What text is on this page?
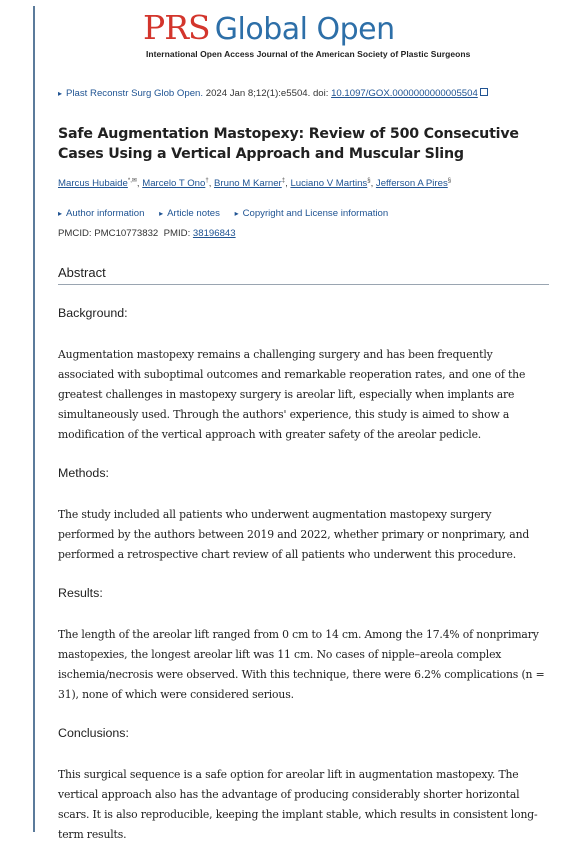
PRS Global Open
International Open Access Journal of the American Society of Plastic Surgeons
▸ Plast Reconstr Surg Glob Open. 2024 Jan 8;12(1):e5504. doi: 10.1097/GOX.0000000000005504
Safe Augmentation Mastopexy: Review of 500 Consecutive Cases Using a Vertical Approach and Muscular Sling
Marcus Hubaide*,✉, Marcelo T Ono†, Bruno M Karner‡, Luciano V Martins§, Jefferson A Pires§
▸ Author information ▸ Article notes ▸ Copyright and License information
PMCID: PMC10773832 PMID: 38196843
Abstract
Background:
Augmentation mastopexy remains a challenging surgery and has been frequently associated with suboptimal outcomes and remarkable reoperation rates, and one of the greatest challenges in mastopexy surgery is areolar lift, especially when implants are simultaneously used. Through the authors' experience, this study is aimed to show a modification of the vertical approach with greater safety of the areolar pedicle.
Methods:
The study included all patients who underwent augmentation mastopexy surgery performed by the authors between 2019 and 2022, whether primary or nonprimary, and performed a retrospective chart review of all patients who underwent this procedure.
Results:
The length of the areolar lift ranged from 0 cm to 14 cm. Among the 17.4% of nonprimary mastopexies, the longest areolar lift was 11 cm. No cases of nipple–areola complex ischemia/necrosis were observed. With this technique, there were 6.2% complications (n = 31), none of which were considered serious.
Conclusions:
This surgical sequence is a safe option for areolar lift in augmentation mastopexy. The vertical approach also has the advantage of producing considerably shorter horizontal scars. It is also reproducible, keeping the implant stable, which results in consistent long-term results.
